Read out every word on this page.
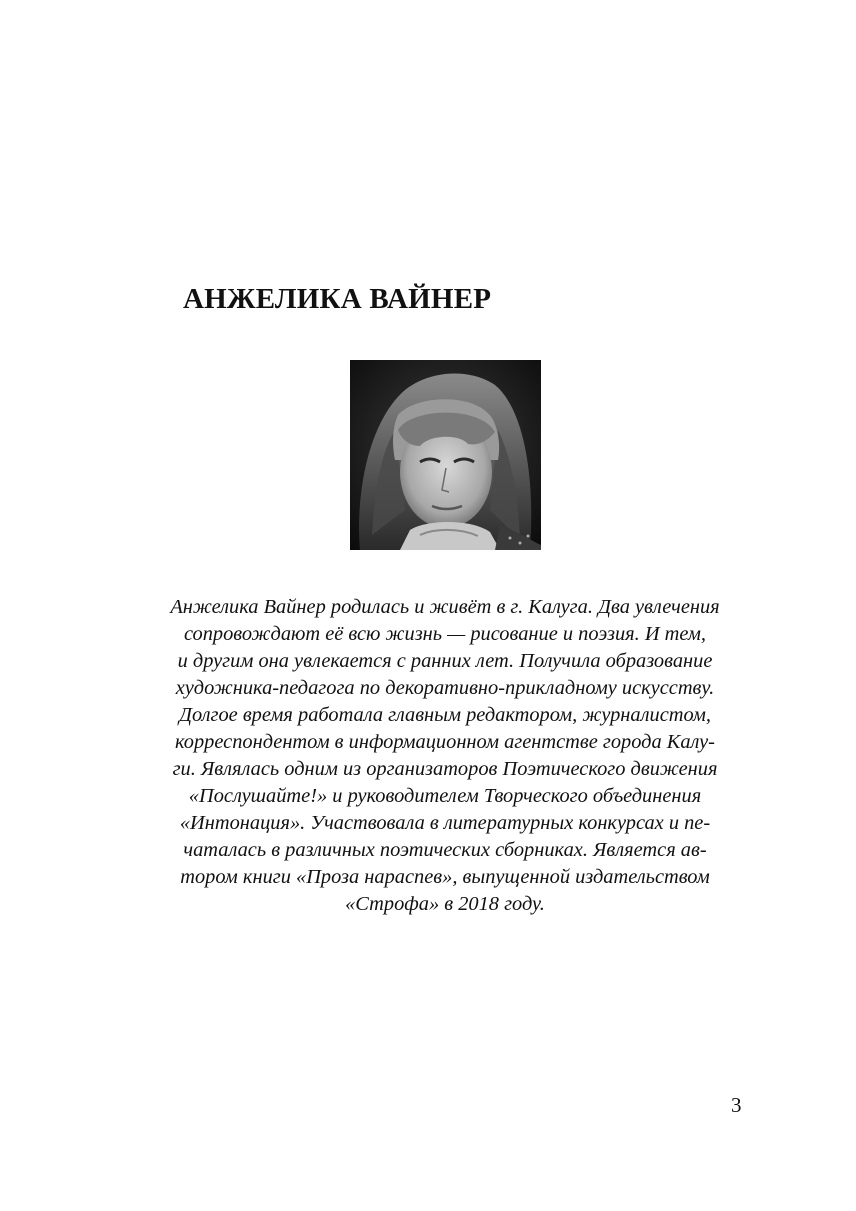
АНЖЕЛИКА ВАЙНЕР

Анжелика Вайнер родилась и живёт в г. Калуга. Два увлечения
сопровождают её всю жизнь — рисование и поэзия. И тем,
и другим она увлекается с ранних лет. Получила образование
художника-педагога по декоративно-прикладному искусству.
Долгое время работала главным редактором, журналистом,
корреспондентом в информационном агентстве города Калу-
ги. Являлась одним из организаторов Поэтического движения
«Послушайте!» и руководителем Творческого объединения
«Интонация». Участвовала в литературных конкурсах и пе-
чаталась в различных поэтических сборниках. Является ав-
тором книги «Проза нараспев», выпущенной издательством
«Строфа» в 2018 году.

3
